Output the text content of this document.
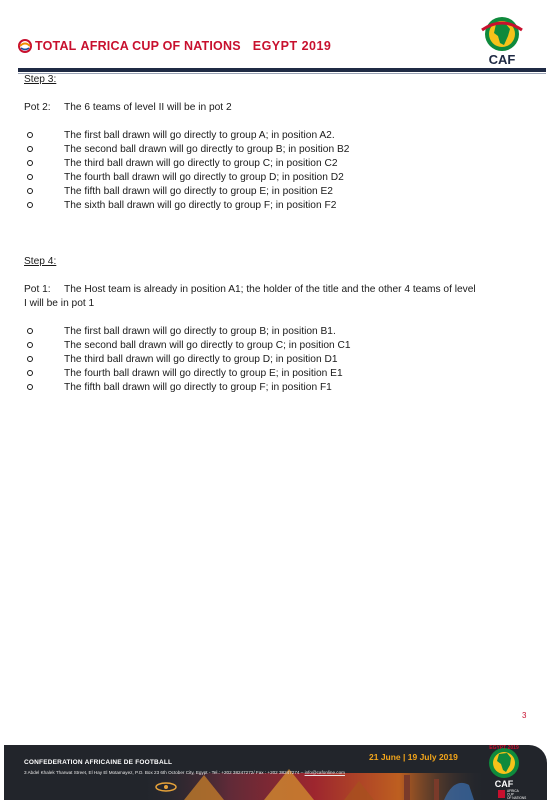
TOTAL AFRICA CUP OF NATIONS EGYPT 2019
CAF

Step 3:

Pot 2: The 6 teams of level II will be in pot 2

The first ball drawn will go directly to group A; in position A2.
The second ball drawn will go directly to group B; in position B2
The third ball drawn will go directly to group C; in position C2
The fourth ball drawn will go directly to group D; in position D2
The fifth ball drawn will go directly to group E; in position E2
The sixth ball drawn will go directly to group F; in position F2

Step 4:

Pot 1: The Host team is already in position A1; the holder of the title and the other 4 teams of level

I will be in pot 1

The first ball drawn will go directly to group B; in position B1.
The second ball drawn will go directly to group C; in position C1
The third ball drawn will go directly to group D; in position D1
The fourth ball drawn will go directly to group E; in position E1
The fifth ball drawn will go directly to group F; in position F1
3
CONFEDERATION AFRICAINE DE FOOTBALL
3 Abdel Khalek Tharwat Street, El Hay El Motamayez, P.O. Box 23 6th October City, Egypt - Tel.: +202 38247272/ Fax : +202 38247274 – info@cafonline.com
21 June | 19 July 2019
EGYPT 2019
CAF
AFRICA
CUP
OF NATIONS
